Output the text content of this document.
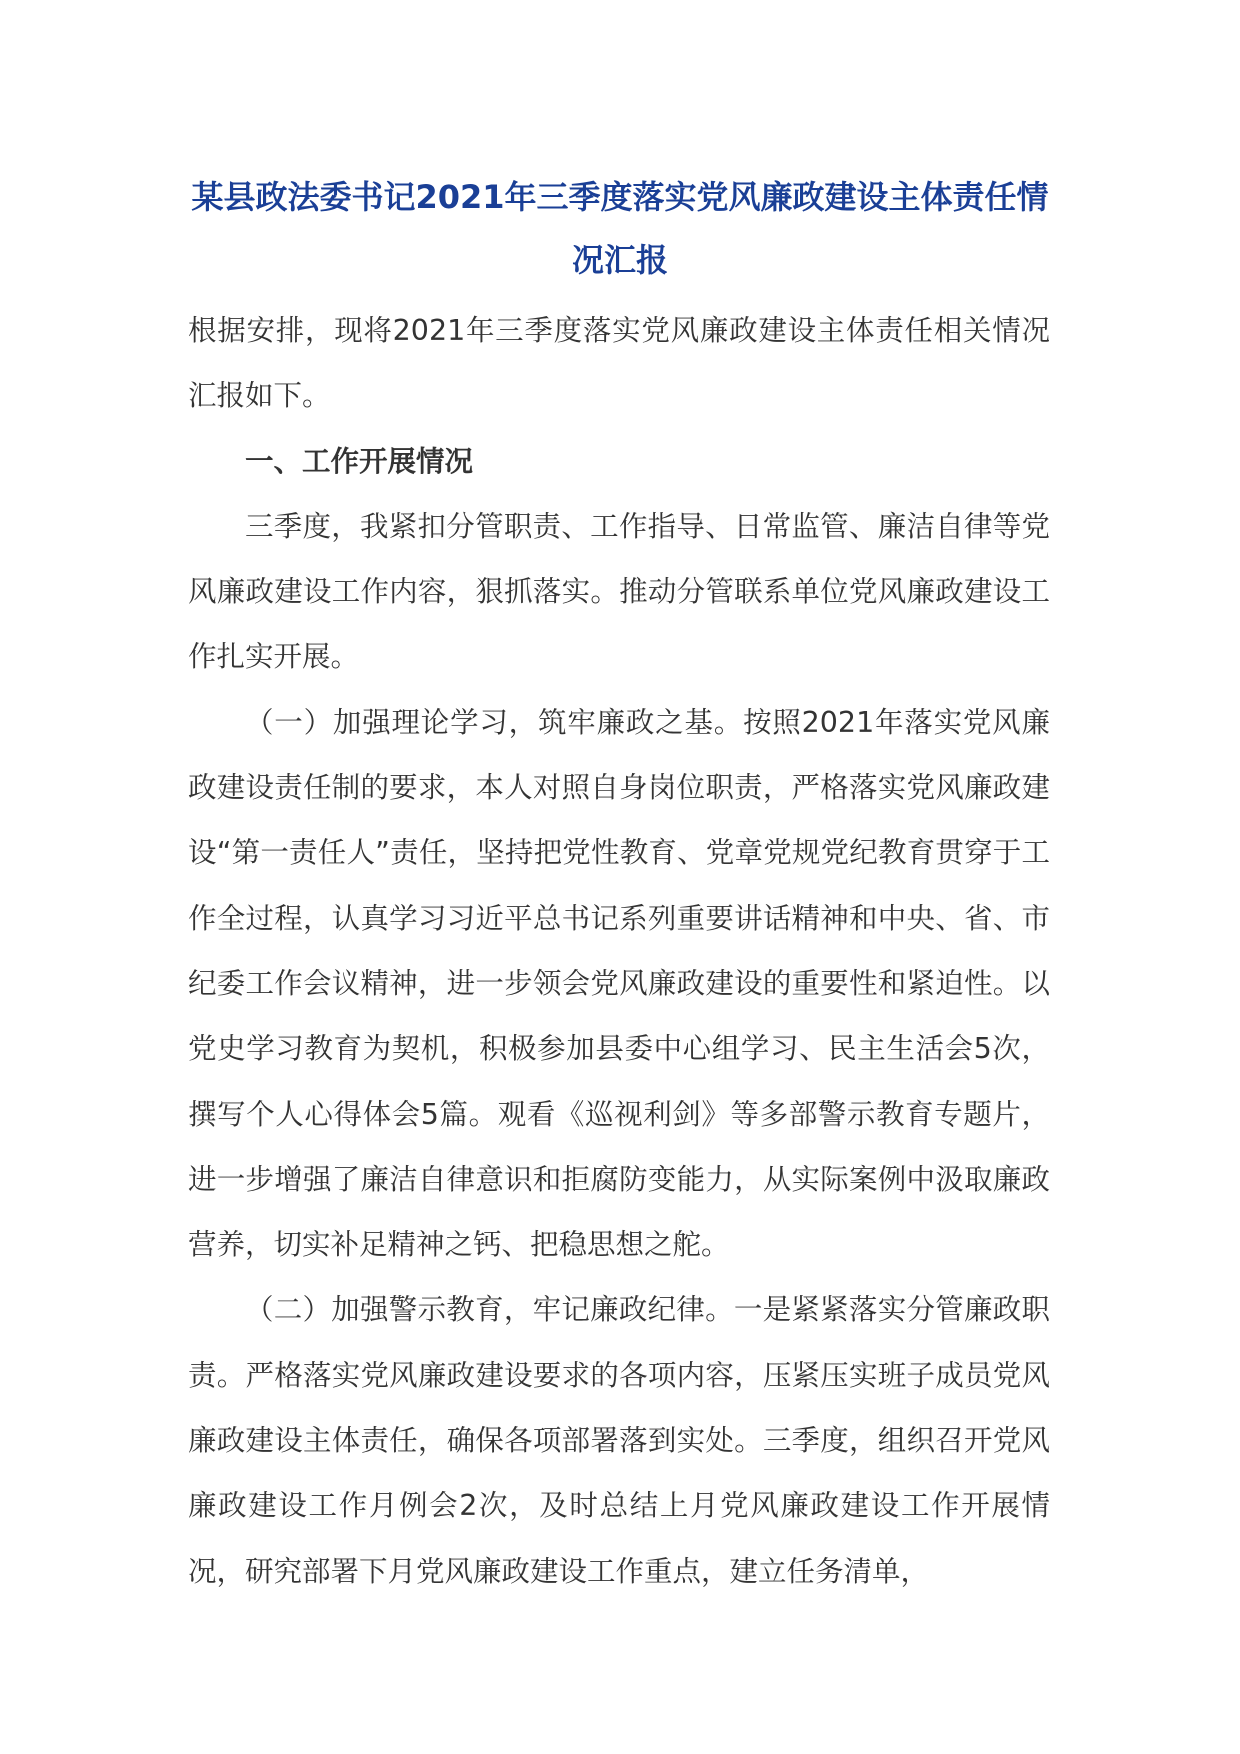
某县政法委书记2021年三季度落实党风廉政建设主体责任情况汇报

根据安排，现将2021年三季度落实党风廉政建设主体责任相关情况汇报如下。

一、工作开展情况

三季度，我紧扣分管职责、工作指导、日常监管、廉洁自律等党风廉政建设工作内容，狠抓落实。推动分管联系单位党风廉政建设工作扎实开展。

（一）加强理论学习，筑牢廉政之基。按照2021年落实党风廉政建设责任制的要求，本人对照自身岗位职责，严格落实党风廉政建设“第一责任人”责任，坚持把党性教育、党章党规党纪教育贯穿于工作全过程，认真学习习近平总书记系列重要讲话精神和中央、省、市纪委工作会议精神，进一步领会党风廉政建设的重要性和紧迫性。以党史学习教育为契机，积极参加县委中心组学习、民主生活会5次，撰写个人心得体会5篇。观看《巡视利剑》等多部警示教育专题片，进一步增强了廉洁自律意识和拒腐防变能力，从实际案例中汲取廉政营养，切实补足精神之钙、把稳思想之舵。

（二）加强警示教育，牢记廉政纪律。一是紧紧落实分管廉政职责。严格落实党风廉政建设要求的各项内容，压紧压实班子成员党风廉政建设主体责任，确保各项部署落到实处。三季度，组织召开党风廉政建设工作月例会2次，及时总结上月党风廉政建设工作开展情况，研究部署下月党风廉政建设工作重点，建立任务清单，
